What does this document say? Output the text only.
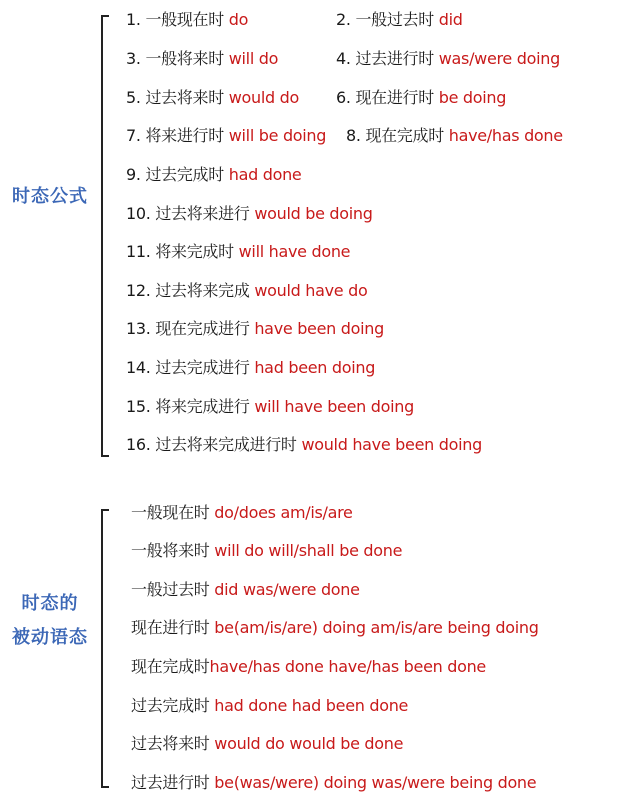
时态公式
1. 一般现在时 do	2. 一般过去时 did
3. 一般将来时 will do	4. 过去进行时 was/were doing
5. 过去将来时 would do 6. 现在进行时 be doing
7. 将来进行时 will be doing 8. 现在完成时 have/has done
9. 过去完成时 had done
10. 过去将来进行 would be doing
11. 将来完成时 will have done
12. 过去将来完成 would have do
13. 现在完成进行 have been doing
14. 过去完成进行 had been doing
15. 将来完成进行 will have been doing
16. 过去将来完成进行时 would have been doing
时态的
被动语态
一般现在时 do/does am/is/are
一般将来时 will do will/shall be done
一般过去时 did was/were done
现在进行时 be(am/is/are) doing am/is/are being doing
现在完成时have/has done have/has been done
过去完成时 had done had been done
过去将来时 would do would be done
过去进行时 be(was/were) doing was/were being done
